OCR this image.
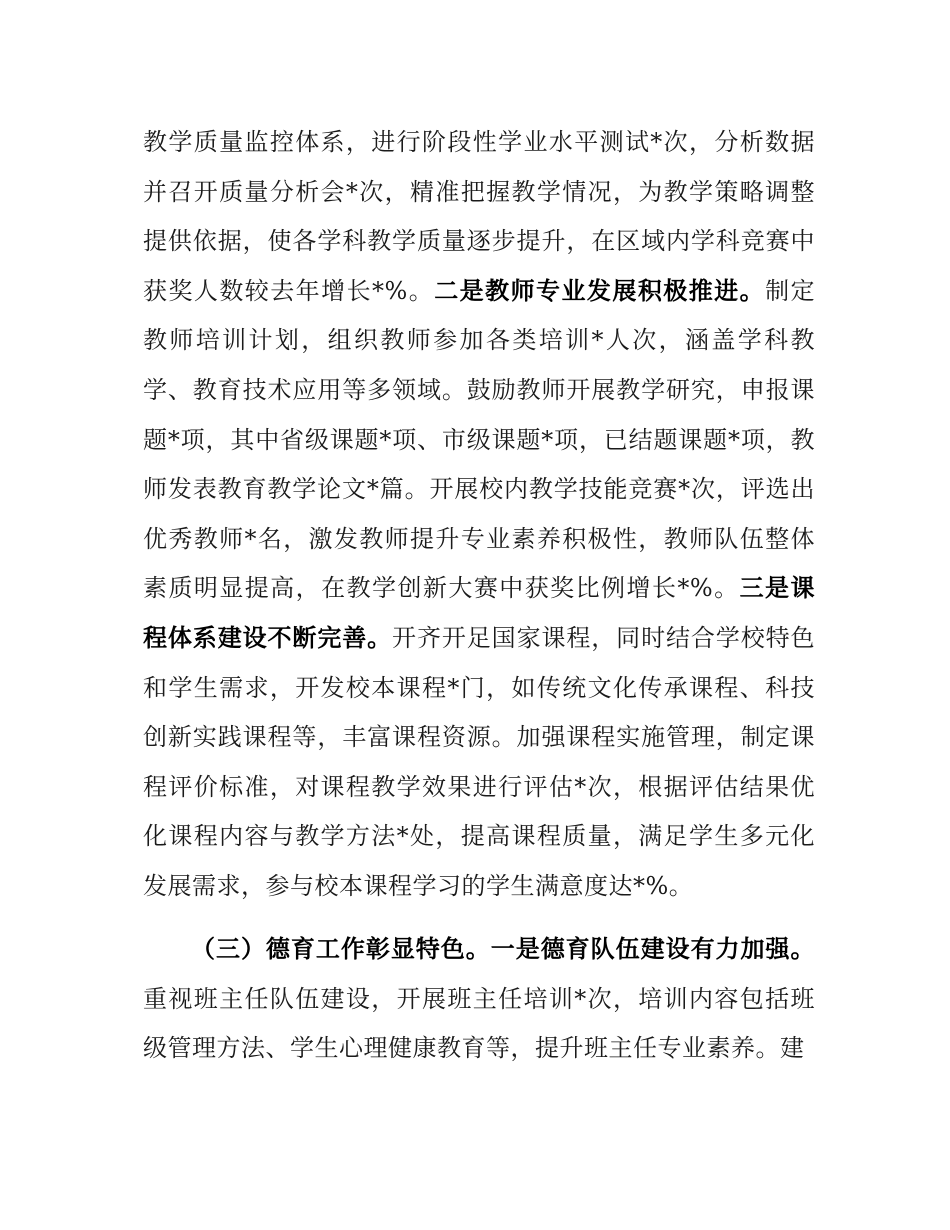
教学质量监控体系，进行阶段性学业水平测试*次，分析数据并召开质量分析会*次，精准把握教学情况，为教学策略调整提供依据，使各学科教学质量逐步提升，在区域内学科竞赛中获奖人数较去年增长*%。二是教师专业发展积极推进。制定教师培训计划，组织教师参加各类培训*人次，涵盖学科教学、教育技术应用等多领域。鼓励教师开展教学研究，申报课题*项，其中省级课题*项、市级课题*项，已结题课题*项，教师发表教育教学论文*篇。开展校内教学技能竞赛*次，评选出优秀教师*名，激发教师提升专业素养积极性，教师队伍整体素质明显提高，在教学创新大赛中获奖比例增长*%。三是课程体系建设不断完善。开齐开足国家课程，同时结合学校特色和学生需求，开发校本课程*门，如传统文化传承课程、科技创新实践课程等，丰富课程资源。加强课程实施管理，制定课程评价标准，对课程教学效果进行评估*次，根据评估结果优化课程内容与教学方法*处，提高课程质量，满足学生多元化发展需求，参与校本课程学习的学生满意度达*%。

（三）德育工作彰显特色。一是德育队伍建设有力加强。重视班主任队伍建设，开展班主任培训*次，培训内容包括班级管理方法、学生心理健康教育等，提升班主任专业素养。建
